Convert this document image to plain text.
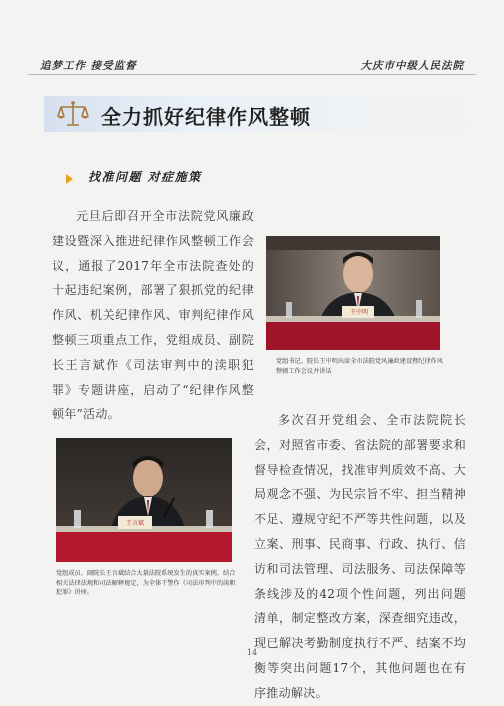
追梦工作 接受监督	大庆市中级人民法院
全力抓好纪律作风整顿
找准问题 对症施策
元旦后即召开全市法院党风廉政建设暨深入推进纪律作风整顿工作会议，通报了2017年全市法院查处的十起违纪案例，部署了狠抓党的纪律作风、机关纪律作风、审判纪律作风整顿三项重点工作，党组成员、副院长王言斌作《司法审判中的渎职犯罪》专题讲座，启动了“纪律作风整顿年”活动。
王中明
党组书记、院长王中明出席全市法院党风廉政建设暨纪律作风整顿工作会议并讲话
多次召开党组会、全市法院院长会，对照省市委、省法院的部署要求和督导检查情况，找准审判质效不高、大局观念不强、为民宗旨不牢、担当精神不足、遵规守纪不严等共性问题，以及立案、刑事、民商事、行政、执行、信访和司法管理、司法服务、司法保障等条线涉及的42项个性问题，列出问题清单，制定整改方案，深查细究违改，现已解决考勤制度执行不严、结案不均衡等突出问题17个，其他问题也在有序推动解决。
王言斌
党组成员、副院长王言斌结合大量法院系统发生的真实案例，结合相关法律法规和司法解释规定，为全体干警作《司法审判中的渎职犯罪》讲座。
14
